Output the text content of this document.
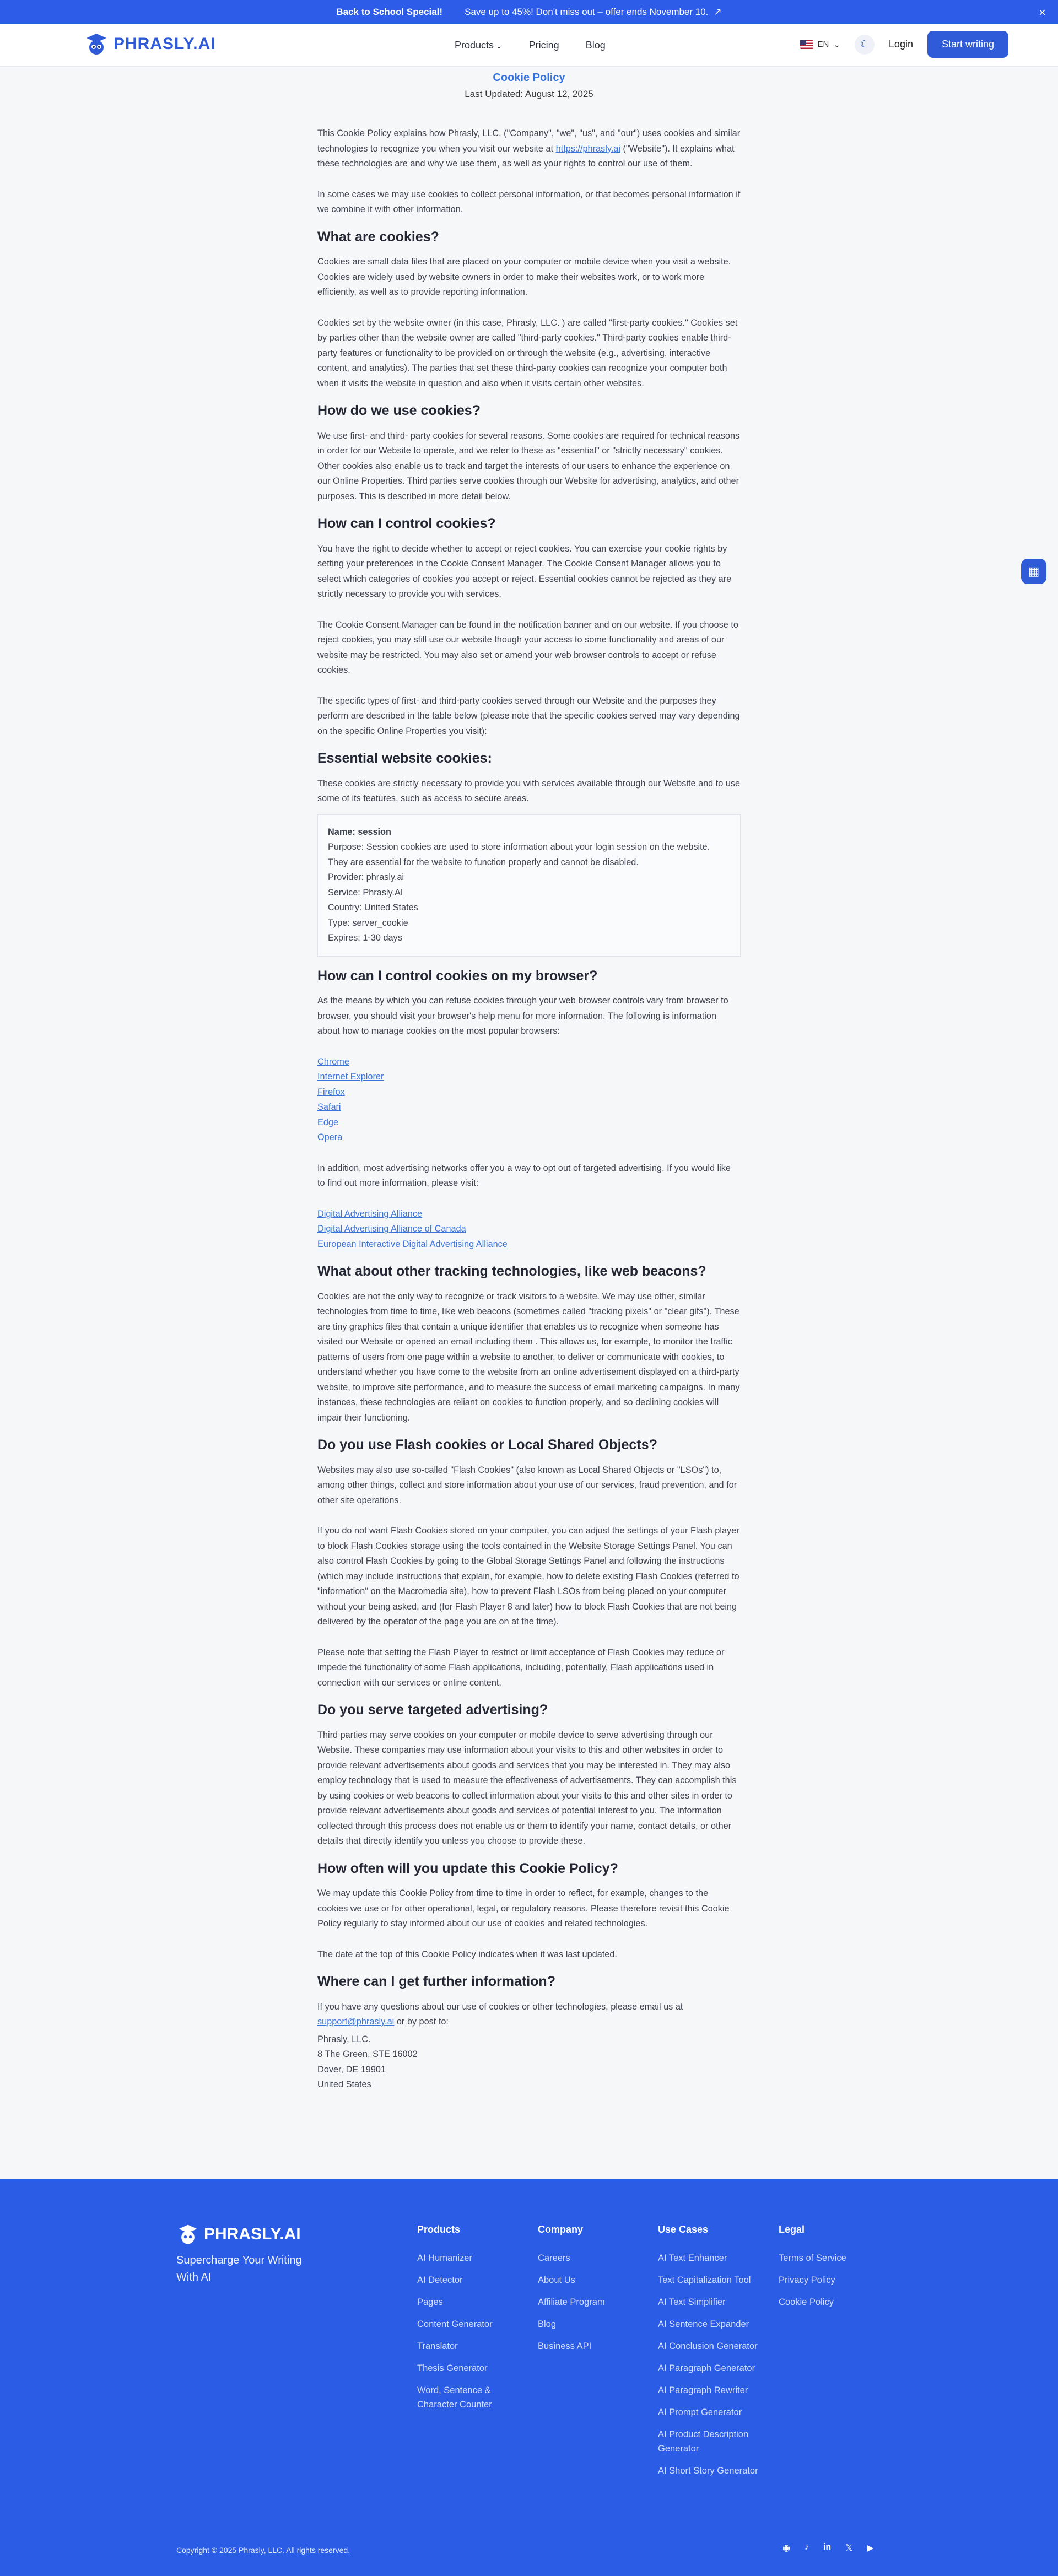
Back to School Special! Save up to 45%! Don't miss out – offer ends November 10. ↗	×
PHRASLY.AI	Products ⌄	Pricing	Blog	EN ⌄	☾	Login	Start writing
Cookie Policy
Last Updated: August 12, 2025

This Cookie Policy explains how Phrasly, LLC. ("Company", "we", "us", and "our") uses cookies and similar technologies to recognize you when you visit our website at https://phrasly.ai ("Website"). It explains what these technologies are and why we use them, as well as your rights to control our use of them.

In some cases we may use cookies to collect personal information, or that becomes personal information if we combine it with other information.

What are cookies?

Cookies are small data files that are placed on your computer or mobile device when you visit a website. Cookies are widely used by website owners in order to make their websites work, or to work more efficiently, as well as to provide reporting information.

Cookies set by the website owner (in this case, Phrasly, LLC. ) are called "first-party cookies." Cookies set by parties other than the website owner are called "third-party cookies." Third-party cookies enable third-party features or functionality to be provided on or through the website (e.g., advertising, interactive content, and analytics). The parties that set these third-party cookies can recognize your computer both when it visits the website in question and also when it visits certain other websites.

How do we use cookies?

We use first- and third- party cookies for several reasons. Some cookies are required for technical reasons in order for our Website to operate, and we refer to these as "essential" or "strictly necessary" cookies. Other cookies also enable us to track and target the interests of our users to enhance the experience on our Online Properties. Third parties serve cookies through our Website for advertising, analytics, and other purposes. This is described in more detail below.

How can I control cookies?

You have the right to decide whether to accept or reject cookies. You can exercise your cookie rights by setting your preferences in the Cookie Consent Manager. The Cookie Consent Manager allows you to select which categories of cookies you accept or reject. Essential cookies cannot be rejected as they are strictly necessary to provide you with services.

The Cookie Consent Manager can be found in the notification banner and on our website. If you choose to reject cookies, you may still use our website though your access to some functionality and areas of our website may be restricted. You may also set or amend your web browser controls to accept or refuse cookies.

The specific types of first- and third-party cookies served through our Website and the purposes they perform are described in the table below (please note that the specific cookies served may vary depending on the specific Online Properties you visit):

Essential website cookies:

These cookies are strictly necessary to provide you with services available through our Website and to use some of its features, such as access to secure areas.

Name: session
Purpose: Session cookies are used to store information about your login session on the website. They are essential for the website to function properly and cannot be disabled.
Provider: phrasly.ai
Service: Phrasly.AI
Country: United States
Type: server_cookie
Expires: 1-30 days
How can I control cookies on my browser?

As the means by which you can refuse cookies through your web browser controls vary from browser to browser, you should visit your browser's help menu for more information. The following is information about how to manage cookies on the most popular browsers:

Chrome
Internet Explorer
Firefox
Safari
Edge
Opera

In addition, most advertising networks offer you a way to opt out of targeted advertising. If you would like to find out more information, please visit:

Digital Advertising Alliance
Digital Advertising Alliance of Canada
European Interactive Digital Advertising Alliance
What about other tracking technologies, like web beacons?

Cookies are not the only way to recognize or track visitors to a website. We may use other, similar technologies from time to time, like web beacons (sometimes called "tracking pixels" or "clear gifs"). These are tiny graphics files that contain a unique identifier that enables us to recognize when someone has visited our Website or opened an email including them . This allows us, for example, to monitor the traffic patterns of users from one page within a website to another, to deliver or communicate with cookies, to understand whether you have come to the website from an online advertisement displayed on a third-party website, to improve site performance, and to measure the success of email marketing campaigns. In many instances, these technologies are reliant on cookies to function properly, and so declining cookies will impair their functioning.

Do you use Flash cookies or Local Shared Objects?

Websites may also use so-called "Flash Cookies" (also known as Local Shared Objects or "LSOs") to, among other things, collect and store information about your use of our services, fraud prevention, and for other site operations.

If you do not want Flash Cookies stored on your computer, you can adjust the settings of your Flash player to block Flash Cookies storage using the tools contained in the Website Storage Settings Panel. You can also control Flash Cookies by going to the Global Storage Settings Panel and following the instructions (which may include instructions that explain, for example, how to delete existing Flash Cookies (referred to "information" on the Macromedia site), how to prevent Flash LSOs from being placed on your computer without your being asked, and (for Flash Player 8 and later) how to block Flash Cookies that are not being delivered by the operator of the page you are on at the time).

Please note that setting the Flash Player to restrict or limit acceptance of Flash Cookies may reduce or impede the functionality of some Flash applications, including, potentially, Flash applications used in connection with our services or online content.

Do you serve targeted advertising?

Third parties may serve cookies on your computer or mobile device to serve advertising through our Website. These companies may use information about your visits to this and other websites in order to provide relevant advertisements about goods and services that you may be interested in. They may also employ technology that is used to measure the effectiveness of advertisements. They can accomplish this by using cookies or web beacons to collect information about your visits to this and other sites in order to provide relevant advertisements about goods and services of potential interest to you. The information collected through this process does not enable us or them to identify your name, contact details, or other details that directly identify you unless you choose to provide these.

How often will you update this Cookie Policy?

We may update this Cookie Policy from time to time in order to reflect, for example, changes to the cookies we use or for other operational, legal, or regulatory reasons. Please therefore revisit this Cookie Policy regularly to stay informed about our use of cookies and related technologies.

The date at the top of this Cookie Policy indicates when it was last updated.

Where can I get further information?

If you have any questions about our use of cookies or other technologies, please email us at support@phrasly.ai or by post to:

Phrasly, LLC.
8 The Green, STE 16002
Dover, DE 19901
United States
▦
PHRASLY.AI
Supercharge Your Writing With AI
Products
AI Humanizer
AI Detector
Pages
Content Generator
Translator
Thesis Generator
Word, Sentence & Character Counter
Company
Careers
About Us
Affiliate Program
Blog
Business API
Use Cases
AI Text Enhancer
Text Capitalization Tool
AI Text Simplifier
AI Sentence Expander
AI Conclusion Generator
AI Paragraph Generator
AI Paragraph Rewriter
AI Prompt Generator
AI Product Description Generator
AI Short Story Generator
Legal
Terms of Service
Privacy Policy
Cookie Policy
Copyright © 2025 Phrasly, LLC. All rights reserved.	◉ ♪ in 𝕏 ▶
